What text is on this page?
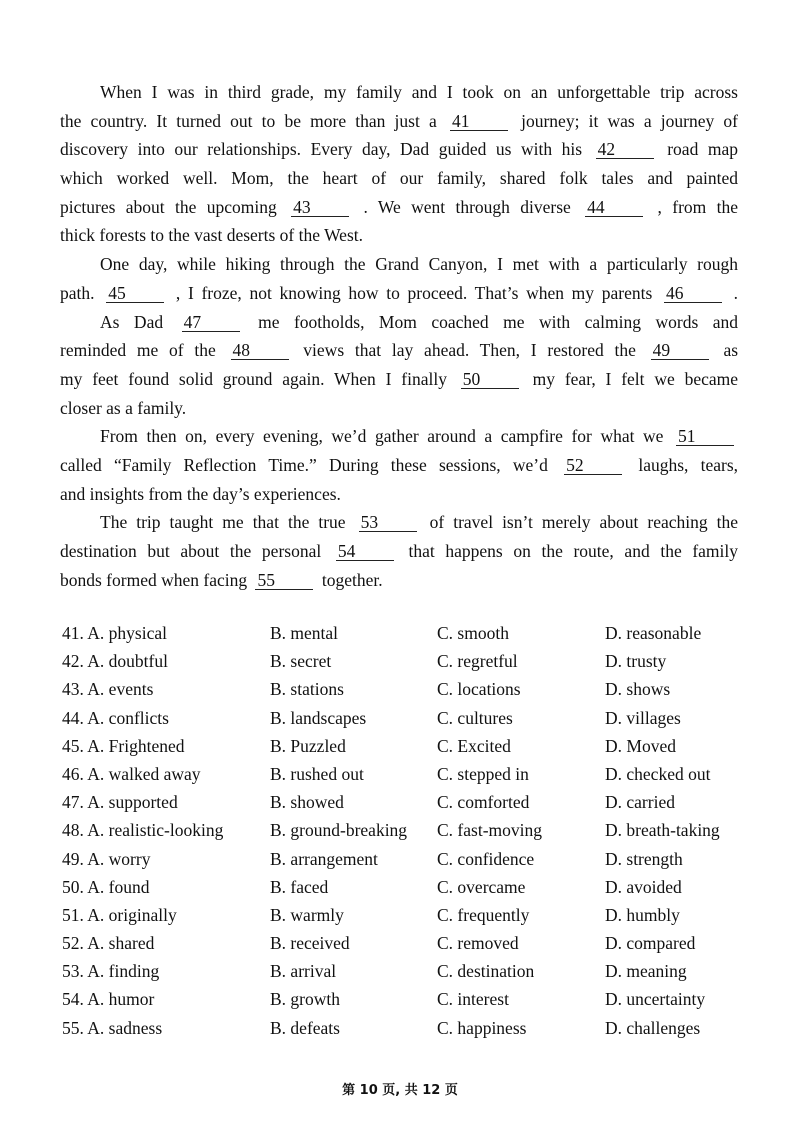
When I was in third grade, my family and I took on an unforgettable trip across
the country. It turned out to be more than just a 41	journey; it was a journey of
discovery into our relationships. Every day, Dad guided us with his 42	road map
which worked well. Mom, the heart of our family, shared folk tales and painted
pictures about the upcoming 43	. We went through diverse 44	, from the
thick forests to the vast deserts of the West.
One day, while hiking through the Grand Canyon, I met with a particularly rough
path. 45	, I froze, not knowing how to proceed. That’s when my parents 46	.
As Dad 47	me footholds, Mom coached me with calming words and
reminded me of the 48	views that lay ahead. Then, I restored the 49	as
my feet found solid ground again. When I finally 50	my fear, I felt we became
closer as a family.
From then on, every evening, we’d gather around a campfire for what we 51
called “Family Reflection Time.” During these sessions, we’d 52	laughs, tears,
and insights from the day’s experiences.
The trip taught me that the true 53	of travel isn’t merely about reaching the
destination but about the personal 54	that happens on the route, and the family
bonds formed when facing 55	together.
41. A. physical	B. mental	C. smooth	D. reasonable
42. A. doubtful	B. secret	C. regretful	D. trusty
43. A. events	B. stations	C. locations	D. shows
44. A. conflicts	B. landscapes	C. cultures	D. villages
45. A. Frightened	B. Puzzled	C. Excited	D. Moved
46. A. walked away	B. rushed out	C. stepped in	D. checked out
47. A. supported	B. showed	C. comforted	D. carried
48. A. realistic-looking	B. ground-breaking C. fast-moving	D. breath-taking
49. A. worry	B. arrangement	C. confidence	D. strength
50. A. found	B. faced	C. overcame	D. avoided
51. A. originally	B. warmly	C. frequently	D. humbly
52. A. shared	B. received	C. removed	D. compared
53. A. finding	B. arrival	C. destination	D. meaning
54. A. humor	B. growth	C. interest	D. uncertainty
55. A. sadness	B. defeats	C. happiness	D. challenges
第 10 页, 共 12 页
